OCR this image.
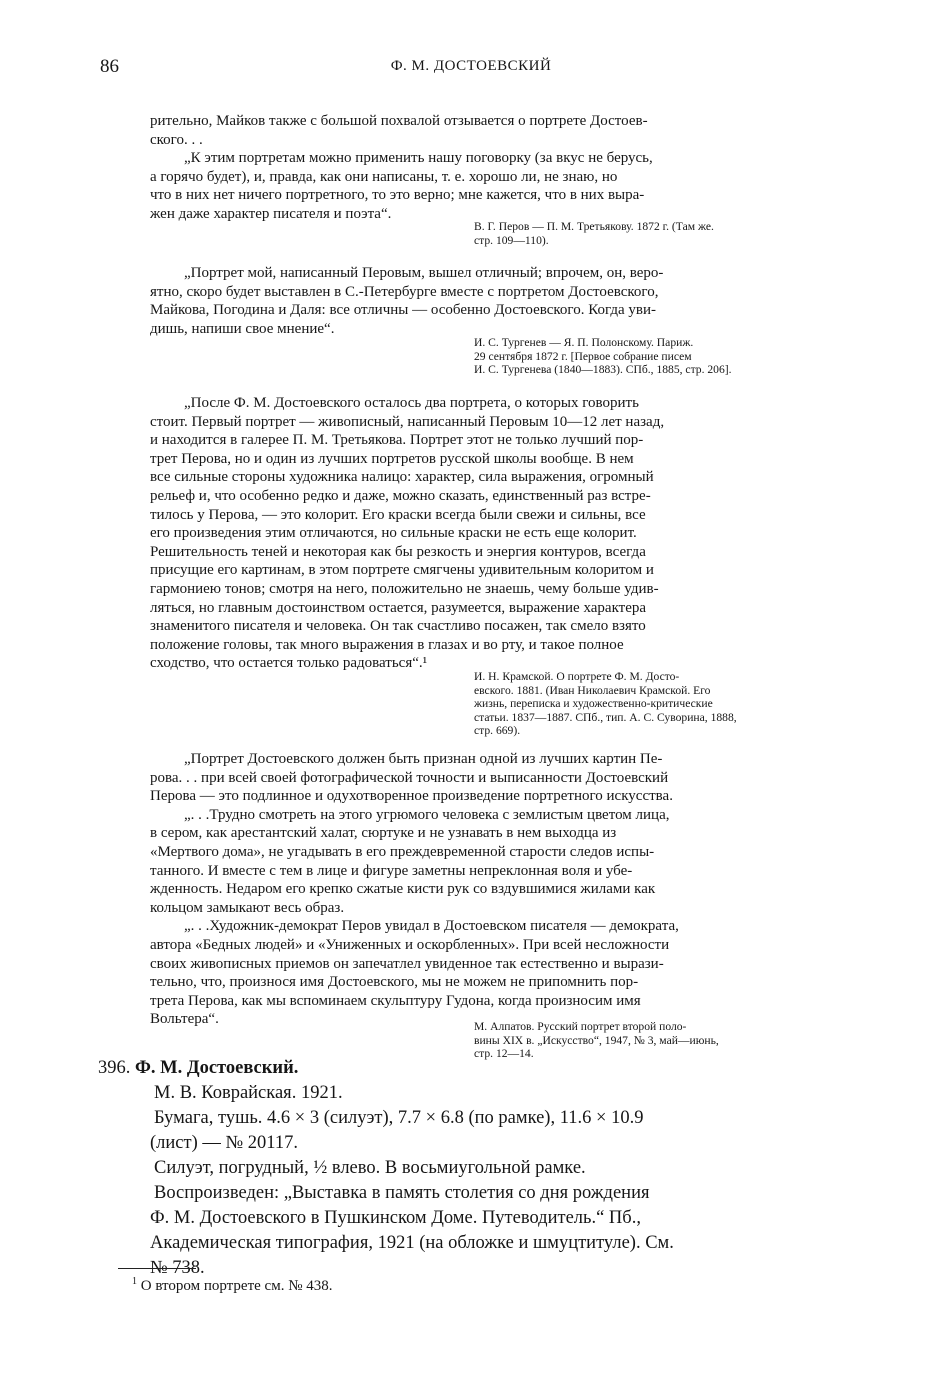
86	Ф. М. ДОСТОЕВСКИЙ

рительно, Майков также с большой похвалой отзывается о портрете Достоев-
ского. . .
„К этим портретам можно применить нашу поговорку (за вкус не берусь,
а горячо будет), и, правда, как они написаны, т. е. хорошо ли, не знаю, но
что в них нет ничего портретного, то это верно; мне кажется, что в них выра-
жен даже характер писателя и поэта“.

В. Г. Перов — П. М. Третьякову. 1872 г. (Там же.
стр. 109—110).

„Портрет мой, написанный Перовым, вышел отличный; впрочем, он, веро-
ятно, скоро будет выставлен в С.-Петербурге вместе с портретом Достоевского,
Майкова, Погодина и Даля: все отличны — особенно Достоевского. Когда уви-
дишь, напиши свое мнение“.

И. С. Тургенев — Я. П. Полонскому. Париж.
29 сентября 1872 г. [Первое собрание писем
И. С. Тургенева (1840—1883). СПб., 1885, стр. 206].

„После Ф. М. Достоевского осталось два портрета, о которых говорить
стоит. Первый портрет — живописный, написанный Перовым 10—12 лет назад,
и находится в галерее П. М. Третьякова. Портрет этот не только лучший пор-
трет Перова, но и один из лучших портретов русской школы вообще. В нем
все сильные стороны художника налицо: характер, сила выражения, огромный
рельеф и, что особенно редко и даже, можно сказать, единственный раз встре-
тилось у Перова, — это колорит. Его краски всегда были свежи и сильны, все
его произведения этим отличаются, но сильные краски не есть еще колорит.
Решительность теней и некоторая как бы резкость и энергия контуров, всегда
присущие его картинам, в этом портрете смягчены удивительным колоритом и
гармониею тонов; смотря на него, положительно не знаешь, чему больше удив-
ляться, но главным достоинством остается, разумеется, выражение характера
знаменитого писателя и человека. Он так счастливо посажен, так смело взято
положение головы, так много выражения в глазах и во рту, и такое полное
сходство, что остается только радоваться“.¹

И. Н. Крамской. О портрете Ф. М. Досто-
евского. 1881. (Иван Николаевич Крамской. Его
жизнь, переписка и художественно-критические
статьи. 1837—1887. СПб., тип. А. С. Суворина, 1888,
стр. 669).

„Портрет Достоевского должен быть признан одной из лучших картин Пе-
рова. . . при всей своей фотографической точности и выписанности Достоевский
Перова — это подлинное и одухотворенное произведение портретного искусства.

„. . .Трудно смотреть на этого угрюмого человека с землистым цветом лица,
в сером, как арестантский халат, сюртуке и не узнавать в нем выходца из
«Мертвого дома», не угадывать в его преждевременной старости следов испы-
танного. И вместе с тем в лице и фигуре заметны непреклонная воля и убе-
жденность. Недаром его крепко сжатые кисти рук со вздувшимися жилами как
кольцом замыкают весь образ.

„. . .Художник-демократ Перов увидал в Достоевском писателя — демократа,
автора «Бедных людей» и «Униженных и оскорбленных». При всей несложности
своих живописных приемов он запечатлел увиденное так естественно и вырази-
тельно, что, произнося имя Достоевского, мы не можем не припомнить пор-
трета Перова, как мы вспоминаем скульптуру Гудона, когда произносим имя
Вольтера“.	М. Алпатов. Русский портрет второй поло-
вины XIX в. „Искусство“, 1947, № 3, май—июнь,
стр. 12—14.
396. Ф. М. Достоевский.
М. В. Коврайская. 1921.
Бумага, тушь. 4.6 × 3 (силуэт), 7.7 × 6.8 (по рамке), 11.6 × 10.9
(лист) — № 20117.
Силуэт, погрудный, ½ влево. В восьмиугольной рамке.
Воспроизведен: „Выставка в память столетия со дня рождения
Ф. М. Достоевского в Пушкинском Доме. Путеводитель.“ Пб.,
Академическая типография, 1921 (на обложке и шмуцтитуле). См.
№ 738.
$^1$ О втором портрете см. № 438.
